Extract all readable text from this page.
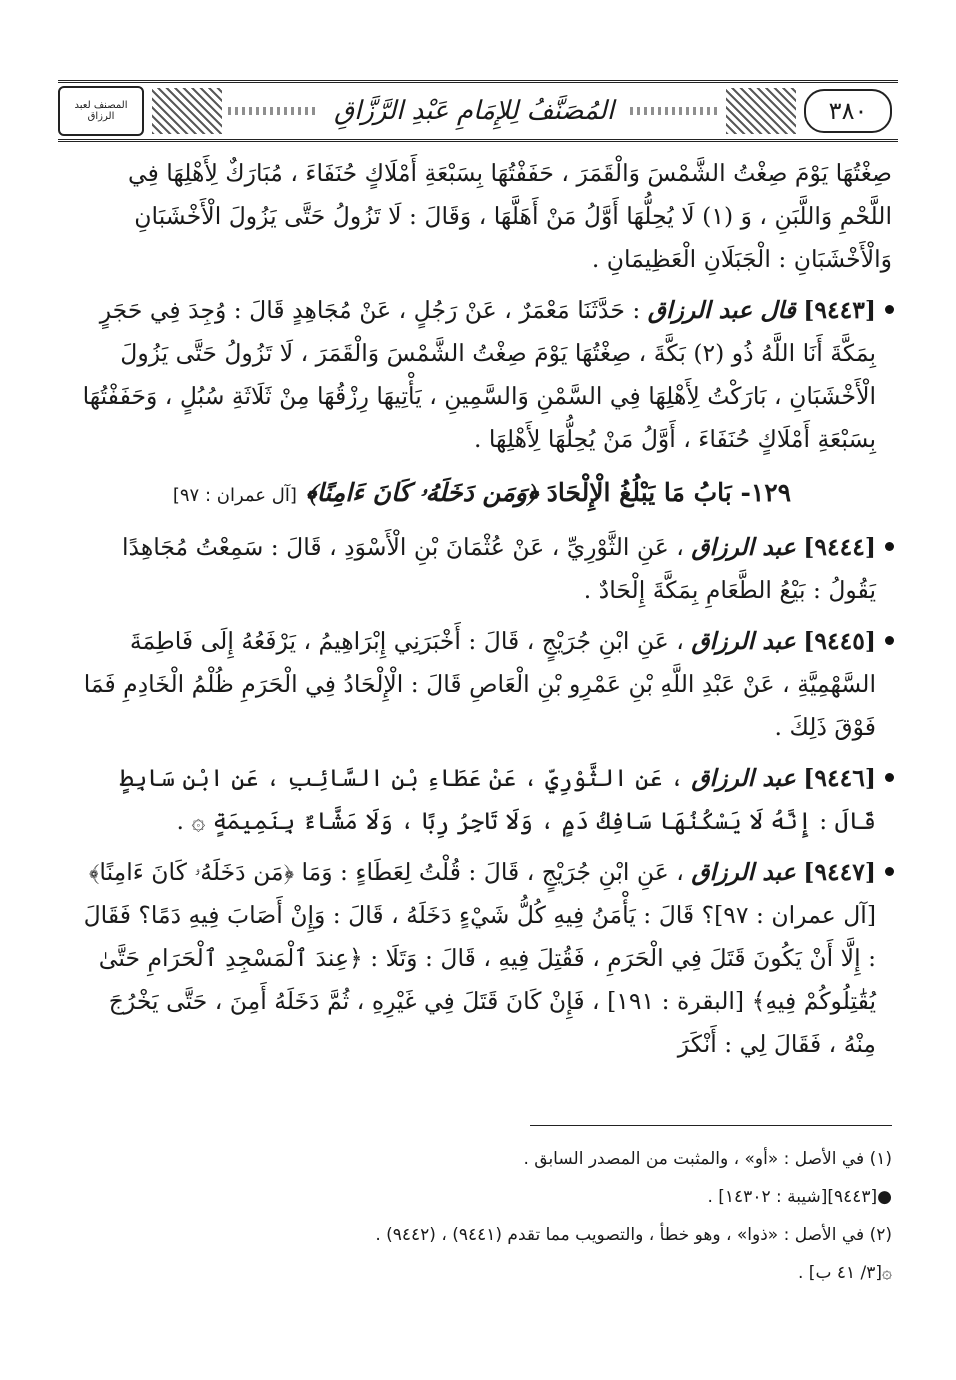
المصنف لعبد الرزاق	المُصَنَّفُ لِلإِمَامِ عَبْدِ الرَّزَّاقِ	٣٨٠

صِغْتُهَا يَوْمَ صِغْتُ الشَّمْسَ وَالْقَمَرَ ، حَفَفْتُهَا بِسَبْعَةِ أَمْلَاكٍ حُنَفَاءَ ، مُبَارَكٌ لِأَهْلِهَا فِي اللَّحْمِ وَاللَّبَنِ ، وَ (١) لَا يُحِلُّهَا أَوَّلُ مَنْ أَهَلَّهَا ، وَقَالَ : لَا تَزُولُ حَتَّى يَزُولَ الْأَخْشَبَانِ وَالْأَخْشَبَانِ : الْجَبَلَانِ الْعَظِيمَانِ .

[٩٤٤٣] قال عبد الرزاق : حَدَّثَنَا مَعْمَرٌ ، عَنْ رَجُلٍ ، عَنْ مُجَاهِدٍ قَالَ : وُجِدَ فِي حَجَرٍ بِمَكَّةَ أَنَا اللَّهُ ذُو (٢) بَكَّةَ ، صِغْتُهَا يَوْمَ صِغْتُ الشَّمْسَ وَالْقَمَرَ ، لَا تَزُولُ حَتَّى يَزُولَ الْأَخْشَبَانِ ، بَارَكْتُ لِأَهْلِهَا فِي السَّمْنِ وَالسَّمِينِ ، يَأْتِيهَا رِزْقُهَا مِنْ ثَلَاثَةِ سُبُلٍ ، وَحَفَفْتُهَا بِسَبْعَةِ أَمْلَاكٍ حُنَفَاءَ ، أَوَّلُ مَنْ يُحِلُّهَا لِأَهْلِهَا .

١٢٩- بَابُ مَا يَبْلُغُ الْإِلْحَادَ ﴿وَمَن دَخَلَهُۥ كَانَ ءَامِنًا﴾ [آل عمران : ٩٧]

[٩٤٤٤] عبد الرزاق ، عَنِ الثَّوْرِيِّ ، عَنْ عُثْمَانَ بْنِ الْأَسْوَدِ ، قَالَ : سَمِعْتُ مُجَاهِدًا يَقُولُ : بَيْعُ الطَّعَامِ بِمَكَّةَ إِلْحَادٌ .

[٩٤٤٥] عبد الرزاق ، عَنِ ابْنِ جُرَيْجٍ ، قَالَ : أَخْبَرَنِي إِبْرَاهِيمُ ، يَرْفَعُهُ إِلَى فَاطِمَةَ السَّهْمِيَّةِ ، عَنْ عَبْدِ اللَّهِ بْنِ عَمْرِو بْنِ الْعَاصِ قَالَ : الْإِلْحَادُ فِي الْحَرَمِ ظُلْمُ الْخَادِمِ فَمَا فَوْقَ ذَلِكَ .

[٩٤٤٦] عبد الرزاق ، عَنِ الثَّوْرِيِّ ، عَنْ عَطَاءِ بْنِ السَّائِبِ ، عَنِ ابْنِ سَابِطٍ قَالَ : إِنَّهُ لَا يَسْكُنُهَا سَافِكُ دَمٍ ، وَلَا تَاجِرُ رِبًا ، وَلَا مَشَّاءٌ بِنَمِيمَةٍ ۞ .

[٩٤٤٧] عبد الرزاق ، عَنِ ابْنِ جُرَيْجٍ ، قَالَ : قُلْتُ لِعَطَاءٍ : وَمَا ﴿مَن دَخَلَهُۥ كَانَ ءَامِنًا﴾ [آل عمران : ٩٧]؟ قَالَ : يَأْمَنُ فِيهِ كُلُّ شَيْءٍ دَخَلَهُ ، قَالَ : وَإِنْ أَصَابَ فِيهِ دَمًا؟ فَقَالَ : إِلَّا أَنْ يَكُونَ قَتَلَ فِي الْحَرَمِ ، فَقُتِلَ فِيهِ ، قَالَ : وَتَلَا : ﴿عِندَ ٱلْمَسْجِدِ ٱلْحَرَامِ حَتَّىٰ يُقَٰتِلُوكُمْ فِيهِ﴾ [البقرة : ١٩١] ، فَإِنْ كَانَ قَتَلَ فِي غَيْرِهِ ، ثُمَّ دَخَلَهُ أَمِنَ ، حَتَّى يَخْرُجَ مِنْهُ ، فَقَالَ لِي : أَنْكَرَ

(١) في الأصل : «أو» ، والمثبت من المصدر السابق .

●[٩٤٤٣][شيبة : ١٤٣٠٢] .

(٢) في الأصل : «ذوا» ، وهو خطأ ، والتصويب مما تقدم (٩٤٤١) ، (٩٤٤٢) .

۞[٣/ ٤١ ب] .
